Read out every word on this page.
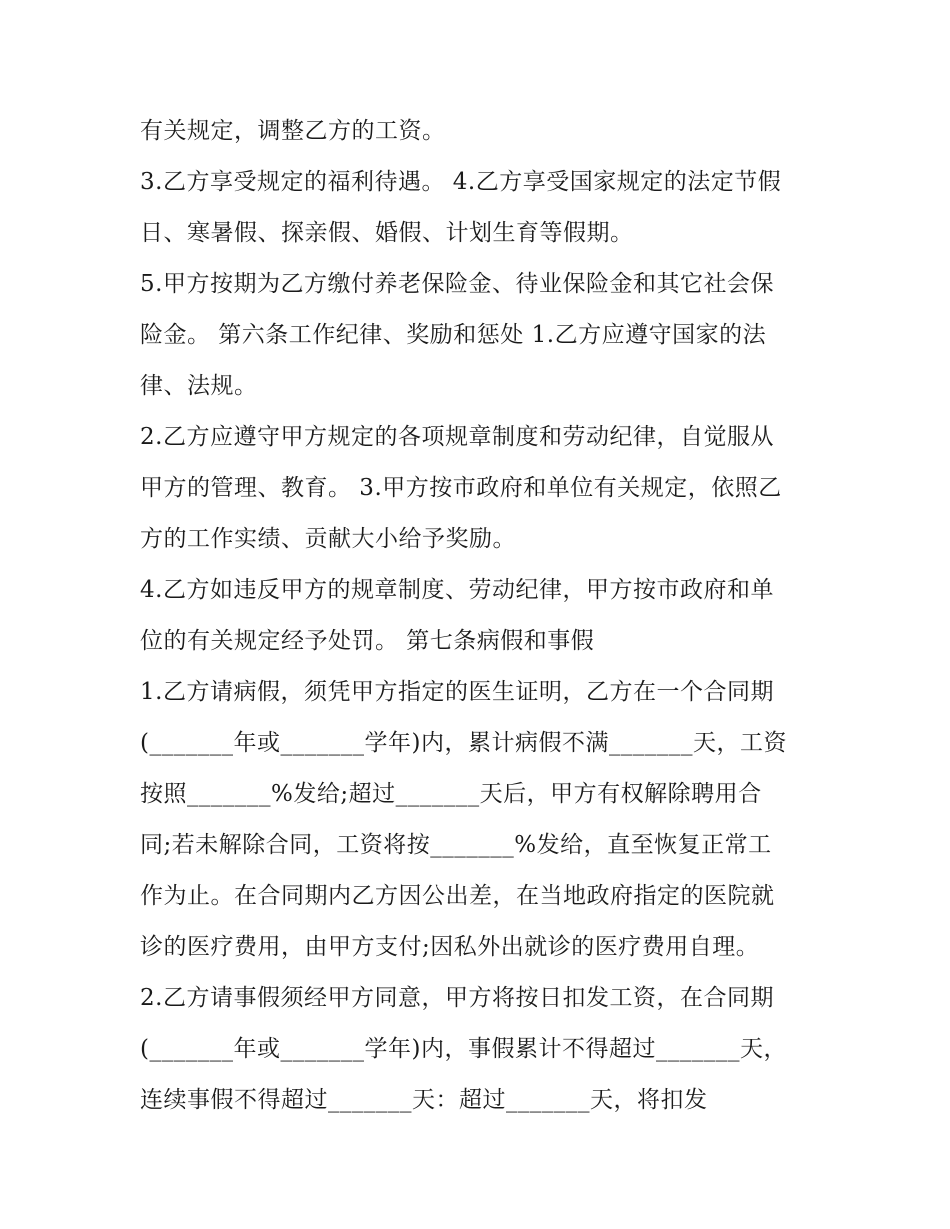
有关规定，调整乙方的工资。
3.乙方享受规定的福利待遇。 4.乙方享受国家规定的法定节假
日、寒暑假、探亲假、婚假、计划生育等假期。
5.甲方按期为乙方缴付养老保险金、待业保险金和其它社会保
险金。 第六条工作纪律、奖励和惩处 1.乙方应遵守国家的法
律、法规。
2.乙方应遵守甲方规定的各项规章制度和劳动纪律，自觉服从
甲方的管理、教育。 3.甲方按市政府和单位有关规定，依照乙
方的工作实绩、贡献大小给予奖励。
4.乙方如违反甲方的规章制度、劳动纪律，甲方按市政府和单
位的有关规定经予处罚。 第七条病假和事假
1.乙方请病假，须凭甲方指定的医生证明，乙方在一个合同期
(_______年或_______学年)内，累计病假不满_______天，工资
按照_______%发给;超过_______天后，甲方有权解除聘用合
同;若未解除合同，工资将按_______%发给，直至恢复正常工
作为止。在合同期内乙方因公出差，在当地政府指定的医院就
诊的医疗费用，由甲方支付;因私外出就诊的医疗费用自理。
2.乙方请事假须经甲方同意，甲方将按日扣发工资，在合同期
(_______年或_______学年)内，事假累计不得超过_______天，
连续事假不得超过_______天：超过_______天，将扣发
